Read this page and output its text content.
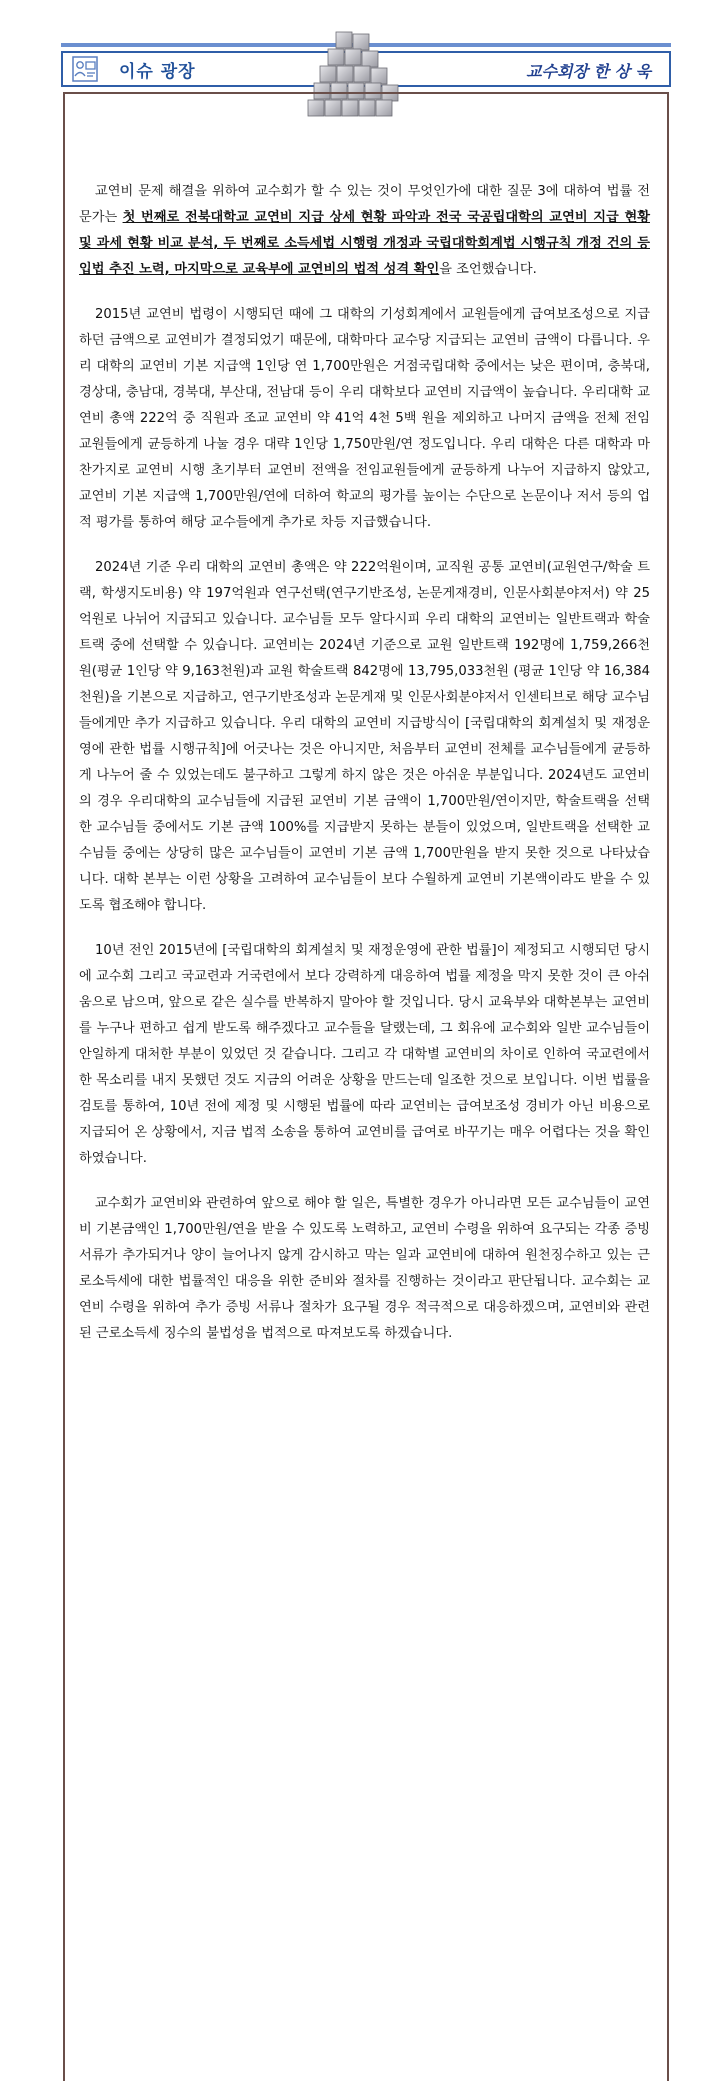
이슈 광장	교수회장 한 상 욱

교연비 문제 해결을 위하여 교수회가 할 수 있는 것이 무엇인가에 대한 질문 3에 대하여 법률 전문가는 첫 번째로 전북대학교 교연비 지급 상세 현황 파악과 전국 국공립대학의 교연비 지급 현황 및 과세 현황 비교 분석, 두 번째로 소득세법 시행령 개정과 국립대학회계법 시행규칙 개정 건의 등 입법 추진 노력, 마지막으로 교육부에 교연비의 법적 성격 확인을 조언했습니다.

2015년 교연비 법령이 시행되던 때에 그 대학의 기성회계에서 교원들에게 급여보조성으로 지급하던 금액으로 교연비가 결정되었기 때문에, 대학마다 교수당 지급되는 교연비 금액이 다릅니다. 우리 대학의 교연비 기본 지급액 1인당 연 1,700만원은 거점국립대학 중에서는 낮은 편이며, 충북대, 경상대, 충남대, 경북대, 부산대, 전남대 등이 우리 대학보다 교연비 지급액이 높습니다. 우리대학 교연비 총액 222억 중 직원과 조교 교연비 약 41억 4천 5백 원을 제외하고 나머지 금액을 전체 전임교원들에게 균등하게 나눌 경우 대략 1인당 1,750만원/연 정도입니다. 우리 대학은 다른 대학과 마찬가지로 교연비 시행 초기부터 교연비 전액을 전임교원들에게 균등하게 나누어 지급하지 않았고, 교연비 기본 지급액 1,700만원/연에 더하여 학교의 평가를 높이는 수단으로 논문이나 저서 등의 업적 평가를 통하여 해당 교수들에게 추가로 차등 지급했습니다.

2024년 기준 우리 대학의 교연비 총액은 약 222억원이며, 교직원 공통 교연비(교원연구/학술 트랙, 학생지도비용) 약 197억원과 연구선택(연구기반조성, 논문게재경비, 인문사회분야저서) 약 25억원로 나뉘어 지급되고 있습니다. 교수님들 모두 알다시피 우리 대학의 교연비는 일반트랙과 학술트랙 중에 선택할 수 있습니다. 교연비는 2024년 기준으로 교원 일반트랙 192명에 1,759,266천원(평균 1인당 약 9,163천원)과 교원 학술트랙 842명에 13,795,033천원 (평균 1인당 약 16,384천원)을 기본으로 지급하고, 연구기반조성과 논문게재 및 인문사회분야저서 인센티브로 해당 교수님들에게만 추가 지급하고 있습니다. 우리 대학의 교연비 지급방식이 [국립대학의 회계설치 및 재정운영에 관한 법률 시행규칙]에 어긋나는 것은 아니지만, 처음부터 교연비 전체를 교수님들에게 균등하게 나누어 줄 수 있었는데도 불구하고 그렇게 하지 않은 것은 아쉬운 부분입니다. 2024년도 교연비의 경우 우리대학의 교수님들에 지급된 교연비 기본 금액이 1,700만원/연이지만, 학술트랙을 선택한 교수님들 중에서도 기본 금액 100%를 지급받지 못하는 분들이 있었으며, 일반트랙을 선택한 교수님들 중에는 상당히 많은 교수님들이 교연비 기본 금액 1,700만원을 받지 못한 것으로 나타났습니다. 대학 본부는 이런 상황을 고려하여 교수님들이 보다 수월하게 교연비 기본액이라도 받을 수 있도록 협조해야 합니다.

10년 전인 2015년에 [국립대학의 회계설치 및 재정운영에 관한 법률]이 제정되고 시행되던 당시에 교수회 그리고 국교련과 거국련에서 보다 강력하게 대응하여 법률 제정을 막지 못한 것이 큰 아쉬움으로 남으며, 앞으로 같은 실수를 반복하지 말아야 할 것입니다. 당시 교육부와 대학본부는 교연비를 누구나 편하고 쉽게 받도록 해주겠다고 교수들을 달랬는데, 그 회유에 교수회와 일반 교수님들이 안일하게 대처한 부분이 있었던 것 같습니다. 그리고 각 대학별 교연비의 차이로 인하여 국교련에서 한 목소리를 내지 못했던 것도 지금의 어려운 상황을 만드는데 일조한 것으로 보입니다. 이번 법률을 검토를 통하여, 10년 전에 제정 및 시행된 법률에 따라 교연비는 급여보조성 경비가 아닌 비용으로 지급되어 온 상황에서, 지금 법적 소송을 통하여 교연비를 급여로 바꾸기는 매우 어렵다는 것을 확인하였습니다.

교수회가 교연비와 관련하여 앞으로 해야 할 일은, 특별한 경우가 아니라면 모든 교수님들이 교연비 기본금액인 1,700만원/연을 받을 수 있도록 노력하고, 교연비 수령을 위하여 요구되는 각종 증빙 서류가 추가되거나 양이 늘어나지 않게 감시하고 막는 일과 교연비에 대하여 원천징수하고 있는 근로소득세에 대한 법률적인 대응을 위한 준비와 절차를 진행하는 것이라고 판단됩니다. 교수회는 교연비 수령을 위하여 추가 증빙 서류나 절차가 요구될 경우 적극적으로 대응하겠으며, 교연비와 관련된 근로소득세 징수의 불법성을 법적으로 따져보도록 하겠습니다.
